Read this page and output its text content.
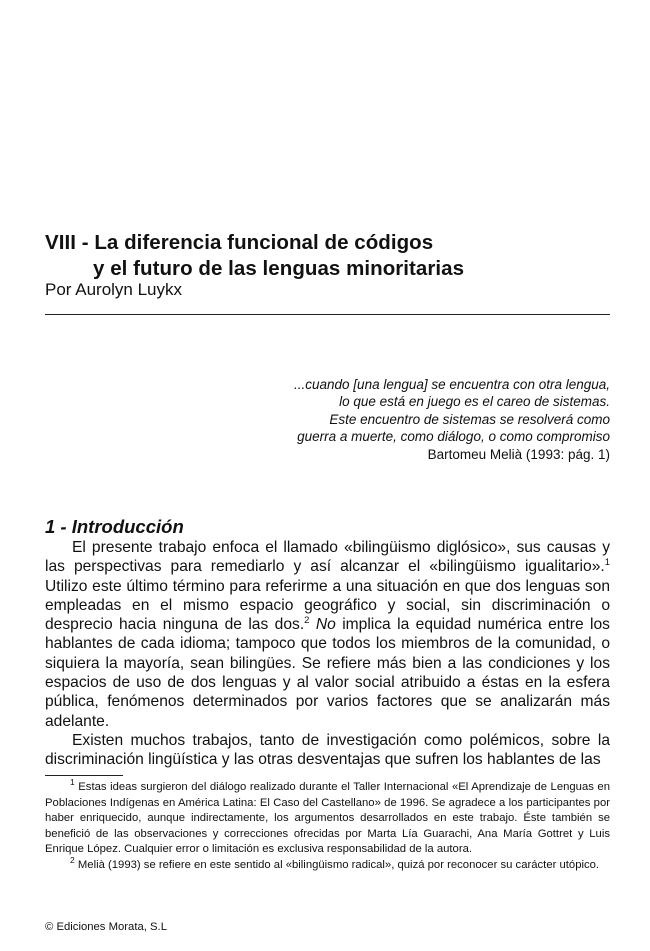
VIII - La diferencia funcional de códigos
y el futuro de las lenguas minoritarias
Por Aurolyn Luykx
...cuando [una lengua] se encuentra con otra lengua,
lo que está en juego es el careo de sistemas.
Este encuentro de sistemas se resolverá como
guerra a muerte, como diálogo, o como compromiso
Bartomeu Melià (1993: pág. 1)
1 - Introducción

El presente trabajo enfoca el llamado «bilingüismo diglósico», sus causas y las perspectivas para remediarlo y así alcanzar el «bilingüismo igualitario».$^1$ Utilizo este último término para referirme a una situación en que dos lenguas son empleadas en el mismo espacio geográfico y social, sin discriminación o desprecio hacia ninguna de las dos.$^2$ No implica la equidad numérica entre los hablantes de cada idioma; tampoco que todos los miembros de la comunidad, o siquiera la mayoría, sean bilingües. Se refiere más bien a las condiciones y los espacios de uso de dos lenguas y al valor social atribuido a éstas en la esfera pública, fenómenos determinados por varios factores que se analizarán más adelante.

Existen muchos trabajos, tanto de investigación como polémicos, sobre la discriminación lingüística y las otras desventajas que sufren los hablantes de las

$^1$ Estas ideas surgieron del diálogo realizado durante el Taller Internacional «El Aprendizaje de Lenguas en Poblaciones Indígenas en América Latina: El Caso del Castellano» de 1996. Se agradece a los participantes por haber enriquecido, aunque indirectamente, los argumentos desarrollados en este trabajo. Éste también se benefició de las observaciones y correcciones ofrecidas por Marta Lía Guarachi, Ana María Gottret y Luis Enrique López. Cualquier error o limitación es exclusiva responsabilidad de la autora.

$^2$ Melià (1993) se refiere en este sentido al «bilingüismo radical», quizá por reconocer su carácter utópico.

© Ediciones Morata, S.L
